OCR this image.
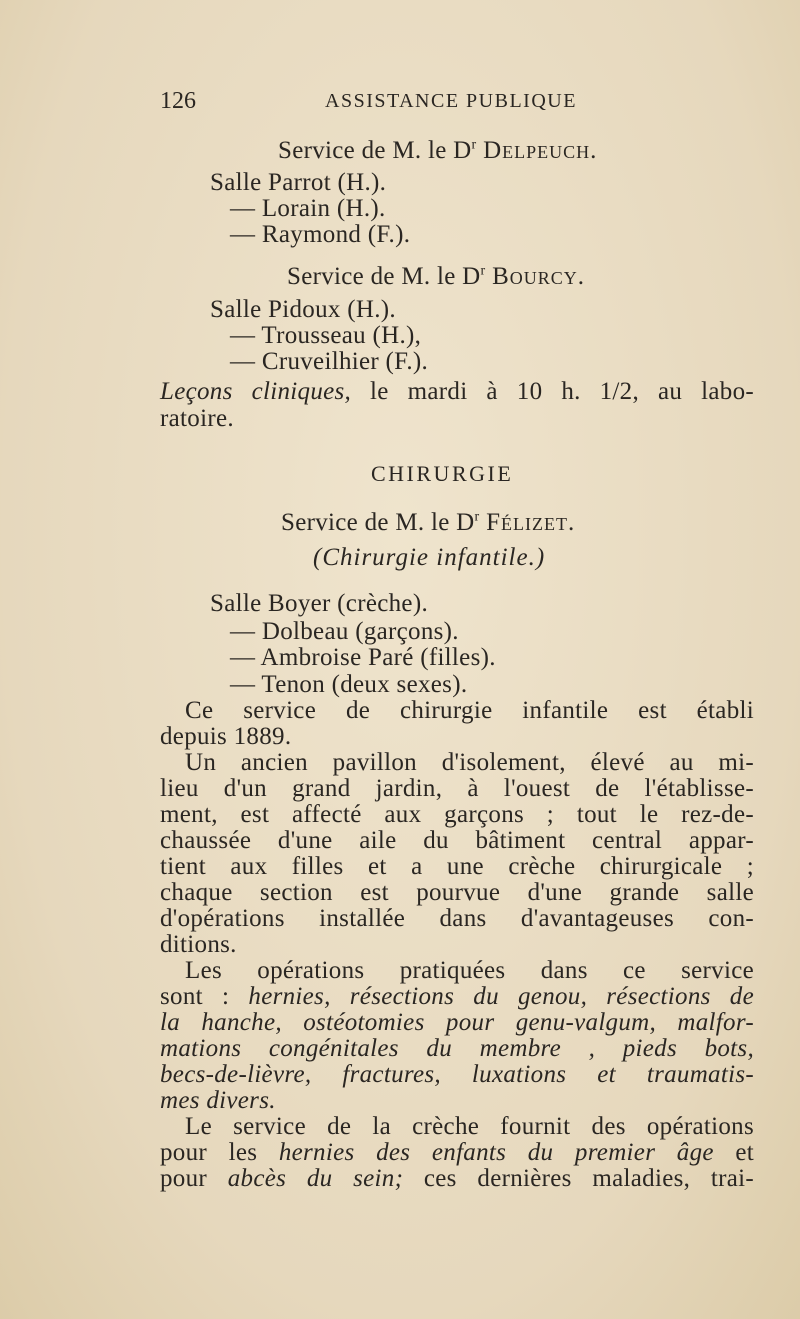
126	ASSISTANCE PUBLIQUE
Service de M. le $D^r$ Delpeuch.
Salle Parrot (H.).
— Lorain (H.).
— Raymond (F.).
Service de M. le $D^r$ Bourcy.
Salle Pidoux (H.).
— Trousseau (H.),
— Cruveilhier (F.).
Leçons cliniques, le mardi à 10 h. 1/2, au labo-
ratoire.
CHIRURGIE
Service de M. le $D^r$ Félizet.
(Chirurgie infantile.)
Salle Boyer (crèche).
— Dolbeau (garçons).
— Ambroise Paré (filles).
— Tenon (deux sexes).
Ce service de chirurgie infantile est établi
depuis 1889.
Un ancien pavillon d'isolement, élevé au mi-
lieu d'un grand jardin, à l'ouest de l'établisse-
ment, est affecté aux garçons ; tout le rez-de-
chaussée d'une aile du bâtiment central appar-
tient aux filles et a une crèche chirurgicale ;
chaque section est pourvue d'une grande salle
d'opérations installée dans d'avantageuses con-
ditions.
Les opérations pratiquées dans ce service
sont : hernies, résections du genou, résections de
la hanche, ostéotomies pour genu-valgum, malfor-
mations congénitales du membre , pieds bots,
becs-de-lièvre, fractures, luxations et traumatis-
mes divers.
Le service de la crèche fournit des opérations
pour les hernies des enfants du premier âge et
pour abcès du sein; ces dernières maladies, trai-
